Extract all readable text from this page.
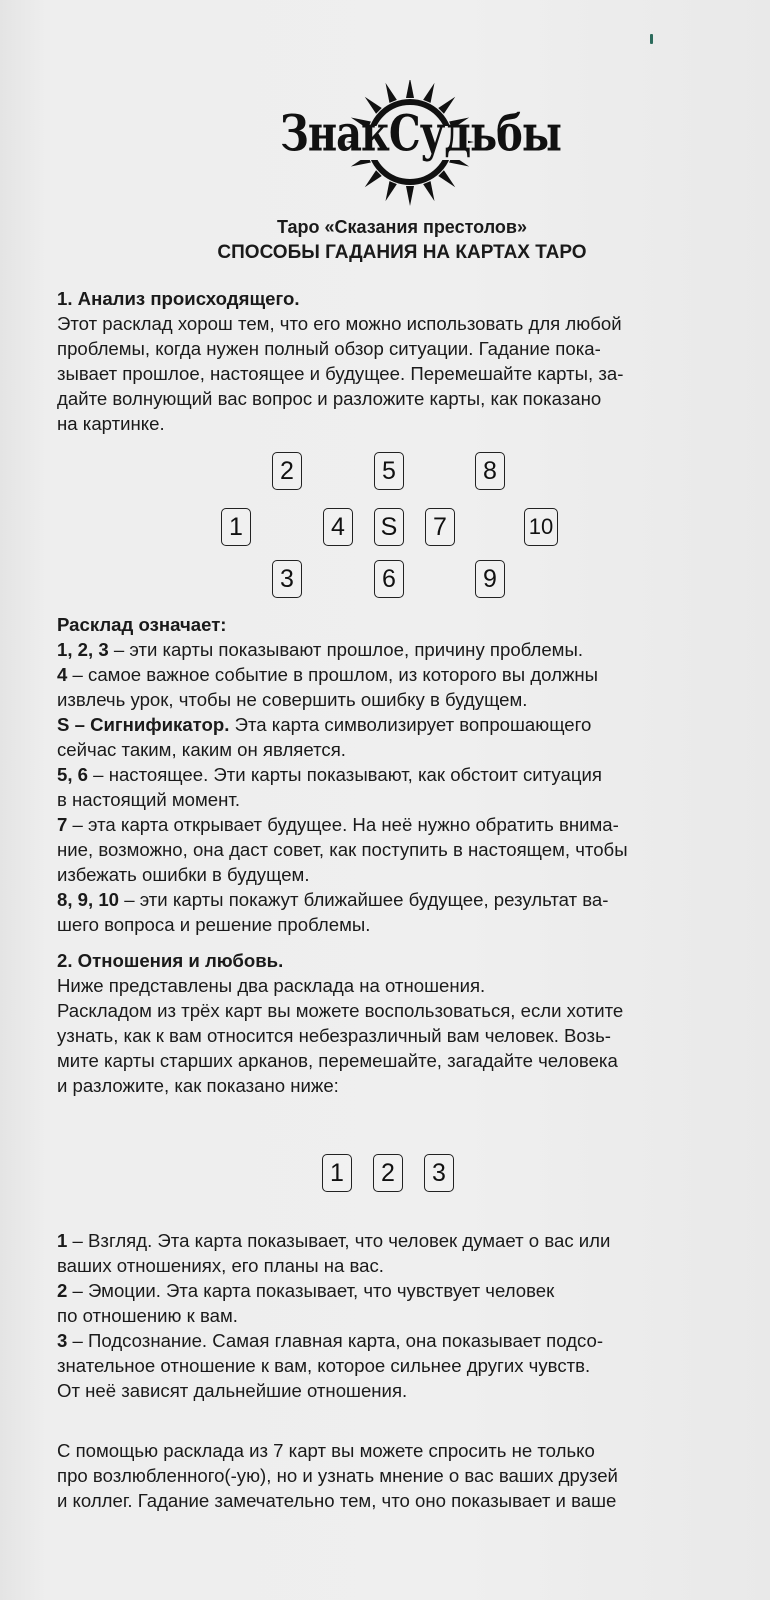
ЗнакСудьбы
Таро «Сказания престолов»
СПОСОБЫ ГАДАНИЯ НА КАРТАХ ТАРО

1. Анализ происходящего.

Этот расклад хорош тем, что его можно использовать для любой

проблемы, когда нужен полный обзор ситуации. Гадание пока-

зывает прошлое, настоящее и будущее. Перемешайте карты, за-

дайте волнующий вас вопрос и разложите карты, как показано

на картинке.

2	5	8
1	4	S	7	10
3	6	9

Расклад означает:

1, 2, 3 – эти карты показывают прошлое, причину проблемы.

4 – самое важное событие в прошлом, из которого вы должны

извлечь урок, чтобы не совершить ошибку в будущем.

S – Сигнификатор. Эта карта символизирует вопрошающего

сейчас таким, каким он является.

5, 6 – настоящее. Эти карты показывают, как обстоит ситуация

в настоящий момент.

7 – эта карта открывает будущее. На неё нужно обратить внима-

ние, возможно, она даст совет, как поступить в настоящем, чтобы

избежать ошибки в будущем.

8, 9, 10 – эти карты покажут ближайшее будущее, результат ва-

шего вопроса и решение проблемы.

2. Отношения и любовь.

Ниже представлены два расклада на отношения.

Раскладом из трёх карт вы можете воспользоваться, если хотите

узнать, как к вам относится небезразличный вам человек. Возь-

мите карты старших арканов, перемешайте, загадайте человека

и разложите, как показано ниже:

1	2	3

1 – Взгляд. Эта карта показывает, что человек думает о вас или

ваших отношениях, его планы на вас.

2 – Эмоции. Эта карта показывает, что чувствует человек

по отношению к вам.

3 – Подсознание. Самая главная карта, она показывает подсо-

знательное отношение к вам, которое сильнее других чувств.

От неё зависят дальнейшие отношения.

С помощью расклада из 7 карт вы можете спросить не только

про возлюбленного(-ую), но и узнать мнение о вас ваших друзей

и коллег. Гадание замечательно тем, что оно показывает и ваше
